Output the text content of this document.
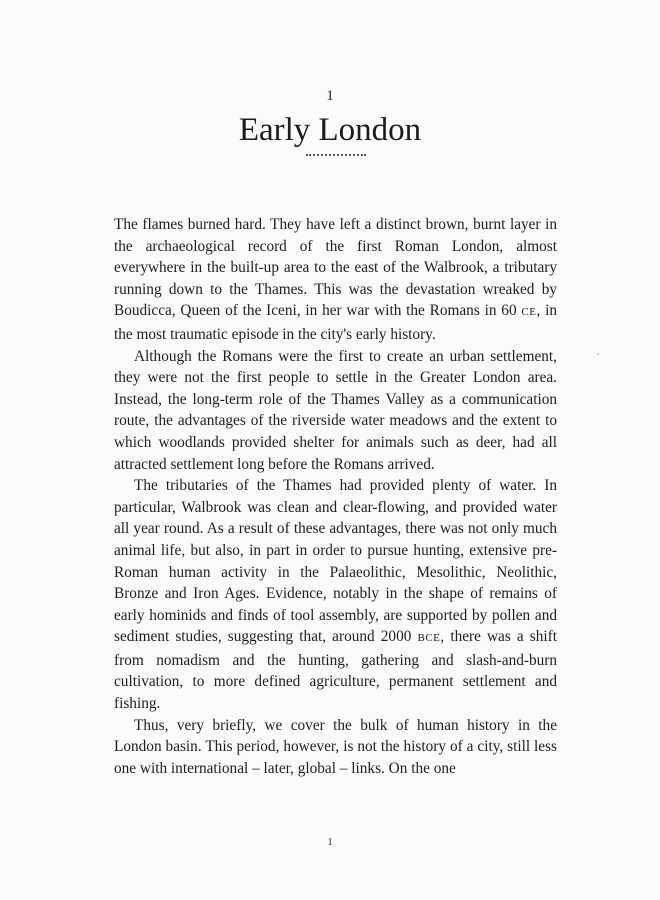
1
Early London

The flames burned hard. They have left a distinct brown, burnt layer in the archaeological record of the first Roman London, almost everywhere in the built-up area to the east of the Walbrook, a tributary running down to the Thames. This was the devastation wreaked by Boudicca, Queen of the Iceni, in her war with the Romans in 60 CE, in the most traumatic episode in the city's early history.

Although the Romans were the first to create an urban settlement, they were not the first people to settle in the Greater London area. Instead, the long-term role of the Thames Valley as a communication route, the advantages of the riverside water meadows and the extent to which woodlands provided shelter for animals such as deer, had all attracted settlement long before the Romans arrived.

The tributaries of the Thames had provided plenty of water. In particular, Walbrook was clean and clear-flowing, and provided water all year round. As a result of these advantages, there was not only much animal life, but also, in part in order to pursue hunting, extensive pre-Roman human activity in the Palaeolithic, Mesolithic, Neolithic, Bronze and Iron Ages. Evidence, notably in the shape of remains of early hominids and finds of tool assembly, are supported by pollen and sediment studies, suggesting that, around 2000 BCE, there was a shift from nomadism and the hunting, gathering and slash-and-burn cultivation, to more defined agriculture, permanent settlement and fishing.

Thus, very briefly, we cover the bulk of human history in the London basin. This period, however, is not the history of a city, still less one with international – later, global – links. On the one

1
